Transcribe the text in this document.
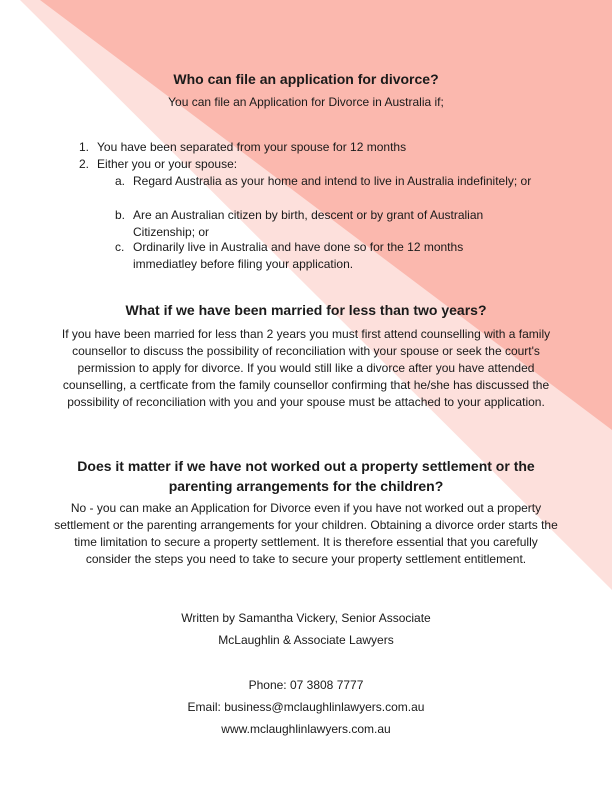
Who can file an application for divorce?

You can file an Application for Divorce in Australia if;

1. You have been separated from your spouse for 12 months
2. Either you or your spouse:
a. Regard Australia as your home and intend to live in Australia indefinitely; or
b. Are an Australian citizen by birth, descent or by grant of Australian Citizenship; or
c. Ordinarily live in Australia and have done so for the 12 months immediatley before filing your application.
What if we have been married for less than two years?

If you have been married for less than 2 years you must first attend counselling with a family counsellor to discuss the possibility of reconciliation with your spouse or seek the court's permission to apply for divorce. If you would still like a divorce after you have attended counselling, a certficate from the family counsellor confirming that he/she has discussed the possibility of reconciliation with you and your spouse must be attached to your application.

Does it matter if we have not worked out a property settlement or the parenting arrangements for the children?

No - you can make an Application for Divorce even if you have not worked out a property settlement or the parenting arrangements for your children. Obtaining a divorce order starts the time limitation to secure a property settlement. It is therefore essential that you carefully consider the steps you need to take to secure your property settlement entitlement.

Written by Samantha Vickery, Senior Associate
McLaughlin & Associate Lawyers
Phone: 07 3808 7777
Email: business@mclaughlinlawyers.com.au
www.mclaughlinlawyers.com.au
